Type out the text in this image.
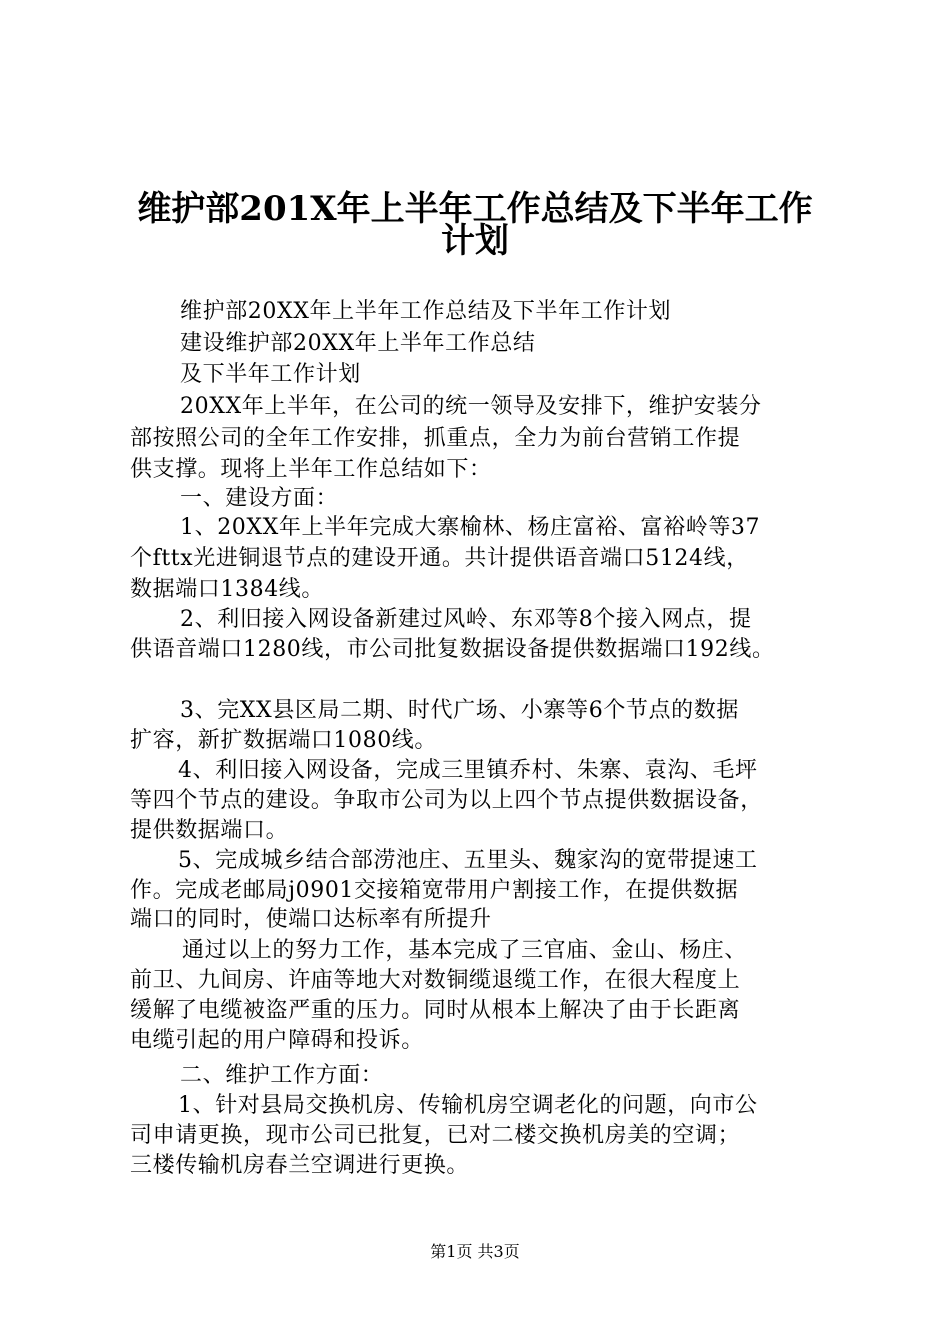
维护部201X年上半年工作总结及下半年工作
计划
维护部20XX年上半年工作总结及下半年工作计划
建设维护部20XX年上半年工作总结
及下半年工作计划
20XX年上半年，在公司的统一领导及安排下，维护安装分
部按照公司的全年工作安排，抓重点，全力为前台营销工作提
供支撑。现将上半年工作总结如下：
一、建设方面：
1、20XX年上半年完成大寨榆林、杨庄富裕、富裕岭等37
个fttx光进铜退节点的建设开通。共计提供语音端口5124线，
数据端口1384线。
2、利旧接入网设备新建过风岭、东邓等8个接入网点，提
供语音端口1280线，市公司批复数据设备提供数据端口192线。
3、完XX县区局二期、时代广场、小寨等6个节点的数据
扩容，新扩数据端口1080线。
4、利旧接入网设备，完成三里镇乔村、朱寨、袁沟、毛坪
等四个节点的建设。争取市公司为以上四个节点提供数据设备，
提供数据端口。
5、完成城乡结合部涝池庄、五里头、魏家沟的宽带提速工
作。完成老邮局j0901交接箱宽带用户割接工作，在提供数据
端口的同时，使端口达标率有所提升
通过以上的努力工作，基本完成了三官庙、金山、杨庄、
前卫、九间房、许庙等地大对数铜缆退缆工作，在很大程度上
缓解了电缆被盗严重的压力。同时从根本上解决了由于长距离
电缆引起的用户障碍和投诉。
二、维护工作方面：
1、针对县局交换机房、传输机房空调老化的问题，向市公
司申请更换，现市公司已批复，已对二楼交换机房美的空调；
三楼传输机房春兰空调进行更换。
第1页 共3页
